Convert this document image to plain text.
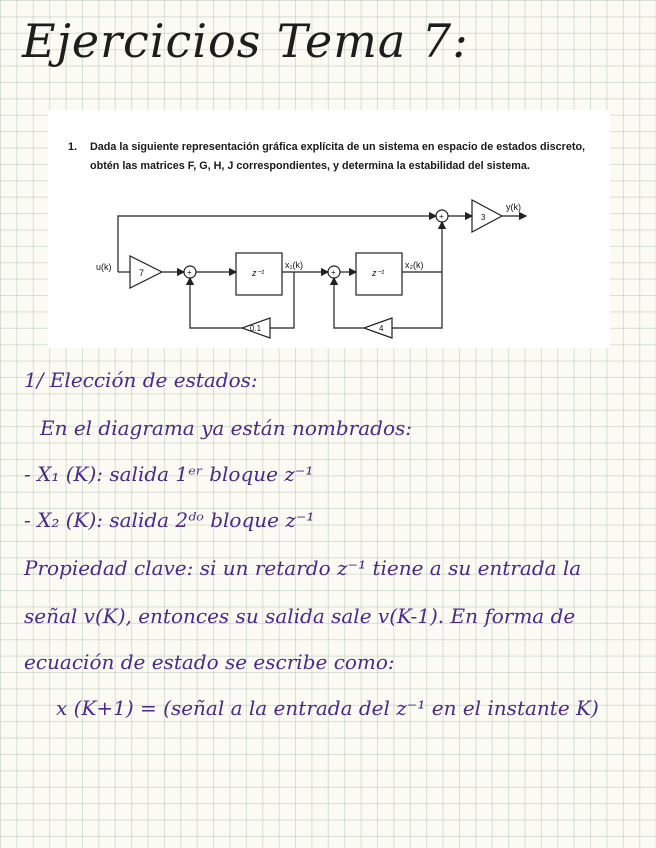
Ejercicios Tema 7:

1.	Dada la siguiente representación gráfica explícita de un sistema en espacio de estados discreto, obtén las matrices F, G, H, J correspondientes, y determina la estabilidad del sistema.

u(k)
y(k)
7
3
0.1	4
z⁻¹	z⁻¹
x₁(k)	x₂(k)
+	+
+

1/ Elección de estados:

En el diagrama ya están nombrados:

- X₁ (K): salida 1ᵉʳ bloque z⁻¹

- X₂ (K): salida 2ᵈᵒ bloque z⁻¹

Propiedad clave: si un retardo z⁻¹ tiene a su entrada la

señal v(K), entonces su salida sale v(K-1). En forma de

ecuación de estado se escribe como:

x (K+1) = (señal a la entrada del z⁻¹ en el instante K)
